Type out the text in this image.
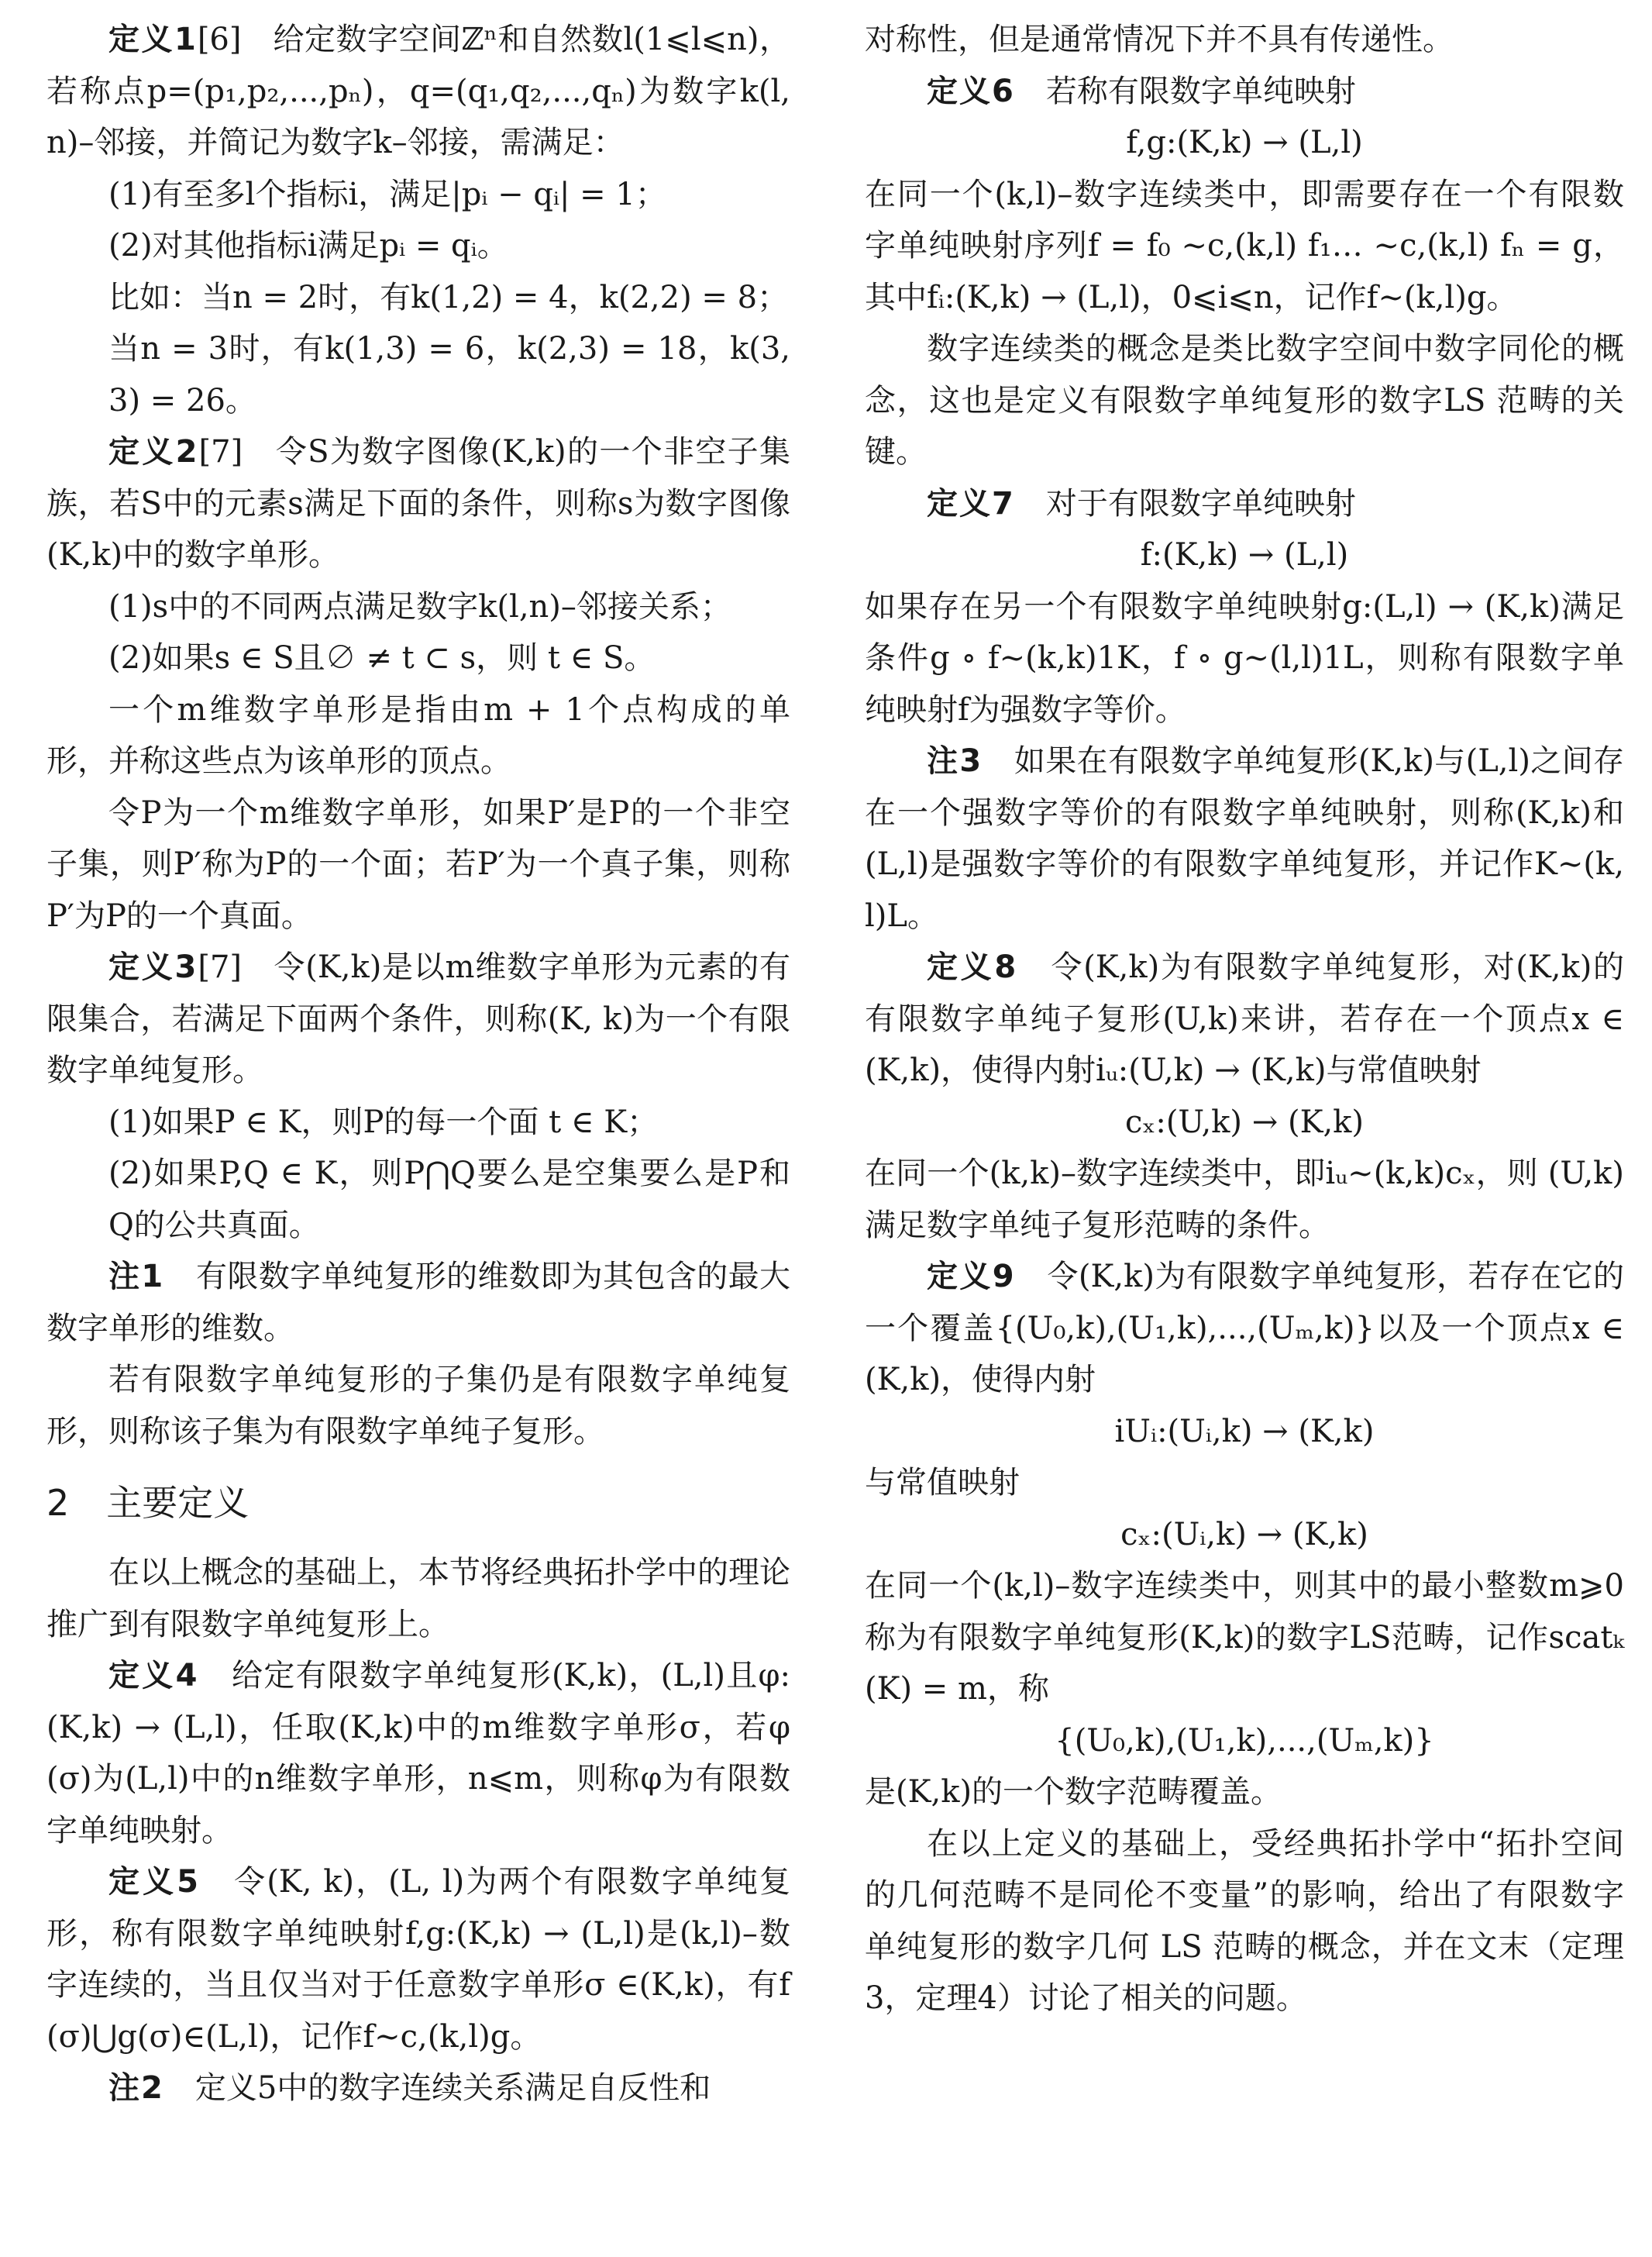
定义1[6]　给定数字空间ℤⁿ和自然数l(1⩽l⩽n)，若称点p=(p₁,p₂,...,pₙ)，q=(q₁,q₂,...,qₙ)为数字k(l,n)–邻接，并简记为数字k–邻接，需满足：

(1)有至多l个指标i，满足|pᵢ − qᵢ| = 1；

(2)对其他指标i满足pᵢ = qᵢ。

比如：当n = 2时，有k(1,2) = 4，k(2,2) = 8；

当n = 3时，有k(1,3) = 6，k(2,3) = 18，k(3,3) = 26。

定义2[7]　令S为数字图像(K,k)的一个非空子集族，若S中的元素s满足下面的条件，则称s为数字图像(K,k)中的数字单形。

(1)s中的不同两点满足数字k(l,n)–邻接关系；

(2)如果s ∈ S且∅ ≠ t ⊂ s，则 t ∈ S。

一个m维数字单形是指由m + 1个点构成的单形，并称这些点为该单形的顶点。

令P为一个m维数字单形，如果P′是P的一个非空子集，则P′称为P的一个面；若P′为一个真子集，则称P′为P的一个真面。

定义3[7]　令(K,k)是以m维数字单形为元素的有限集合，若满足下面两个条件，则称(K, k)为一个有限数字单纯复形。

(1)如果P ∈ K，则P的每一个面 t ∈ K；

(2)如果P,Q ∈ K，则P⋂Q要么是空集要么是P和 Q的公共真面。

注1　有限数字单纯复形的维数即为其包含的最大数字单形的维数。

若有限数字单纯复形的子集仍是有限数字单纯复形，则称该子集为有限数字单纯子复形。

2 主要定义

在以上概念的基础上，本节将经典拓扑学中的理论推广到有限数字单纯复形上。

定义4　给定有限数字单纯复形(K,k)，(L,l)且φ:(K,k) → (L,l)，任取(K,k)中的m维数字单形σ，若φ(σ)为(L,l)中的n维数字单形，n⩽m，则称φ为有限数字单纯映射。

定义5　令(K, k)，(L, l)为两个有限数字单纯复形，称有限数字单纯映射f,g:(K,k) → (L,l)是(k,l)–数字连续的，当且仅当对于任意数字单形σ ∈(K,k)，有f(σ)⋃g(σ)∈(L,l)，记作f∼c,(k,l)g。

注2　定义5中的数字连续关系满足自反性和

对称性，但是通常情况下并不具有传递性。

定义6　若称有限数字单纯映射

f,g:(K,k) → (L,l)

在同一个(k,l)–数字连续类中，即需要存在一个有限数字单纯映射序列f = f₀ ∼c,(k,l) f₁… ∼c,(k,l) fₙ = g，其中fᵢ:(K,k) → (L,l)，0⩽i⩽n，记作f∼(k,l)g。

数字连续类的概念是类比数字空间中数字同伦的概念，这也是定义有限数字单纯复形的数字LS 范畴的关键。

定义7　对于有限数字单纯映射

f:(K,k) → (L,l)

如果存在另一个有限数字单纯映射g:(L,l) → (K,k)满足条件g ∘ f∼(k,k)1K，f ∘ g∼(l,l)1L，则称有限数字单纯映射f为强数字等价。

注3　如果在有限数字单纯复形(K,k)与(L,l)之间存在一个强数字等价的有限数字单纯映射，则称(K,k)和(L,l)是强数字等价的有限数字单纯复形，并记作K∼(k,l)L。

定义8　令(K,k)为有限数字单纯复形，对(K,k)的有限数字单纯子复形(U,k)来讲，若存在一个顶点x ∈(K,k)，使得内射iᵤ:(U,k) → (K,k)与常值映射

cₓ:(U,k) → (K,k)

在同一个(k,k)–数字连续类中，即iᵤ∼(k,k)cₓ，则 (U,k)满足数字单纯子复形范畴的条件。

定义9　令(K,k)为有限数字单纯复形，若存在它的一个覆盖{(U₀,k),(U₁,k),...,(Uₘ,k)}以及一个顶点x ∈(K,k)，使得内射

iUᵢ:(Uᵢ,k) → (K,k)

与常值映射

cₓ:(Uᵢ,k) → (K,k)

在同一个(k,l)–数字连续类中，则其中的最小整数m⩾0称为有限数字单纯复形(K,k)的数字LS范畴，记作scatₖ(K) = m，称

{(U₀,k),(U₁,k),...,(Uₘ,k)}

是(K,k)的一个数字范畴覆盖。

在以上定义的基础上，受经典拓扑学中“拓扑空间的几何范畴不是同伦不变量”的影响，给出了有限数字单纯复形的数字几何 LS 范畴的概念，并在文末（定理3，定理4）讨论了相关的问题。
